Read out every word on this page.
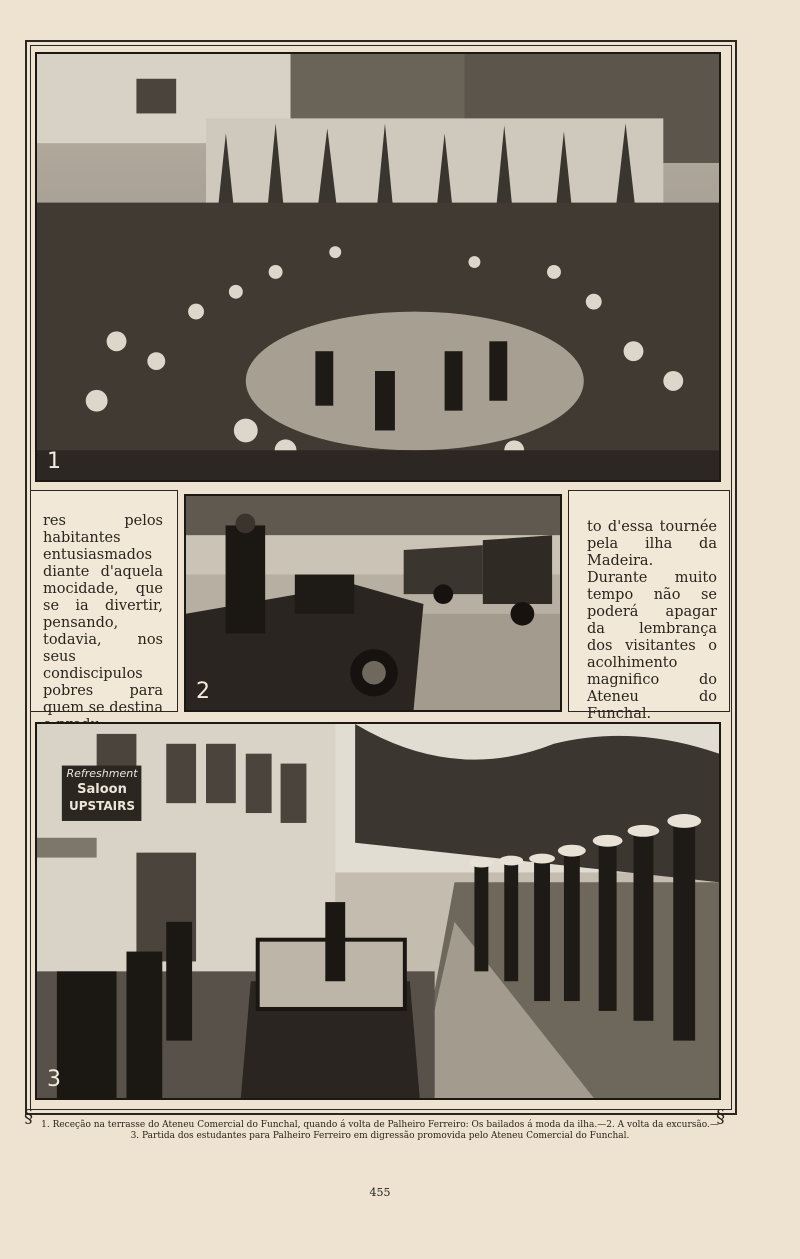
1

res pelos habitantes entusiasmados diante d'aquela mocidade, que se ia divertir, pensando, todavia, nos seus condiscipulos pobres para quem se destina

2

to d'essa tournée pela ilha da Madeira. Durante muito tempo não se poderá apagar da lembrança dos visitantes o acolhimento magnifico do Ateneu do Funchal.

Refreshment
Saloon
UPSTAIRS
3
§	§
1. Receção na terrasse do Ateneu Comercial do Funchal, quando á volta de Palheiro Ferreiro: Os bailados á moda da ilha.—2. A volta da excursão.—3. Partida dos estudantes para Palheiro Ferreiro em digressão promovida pelo Ateneu Comercial do Funchal.
455
